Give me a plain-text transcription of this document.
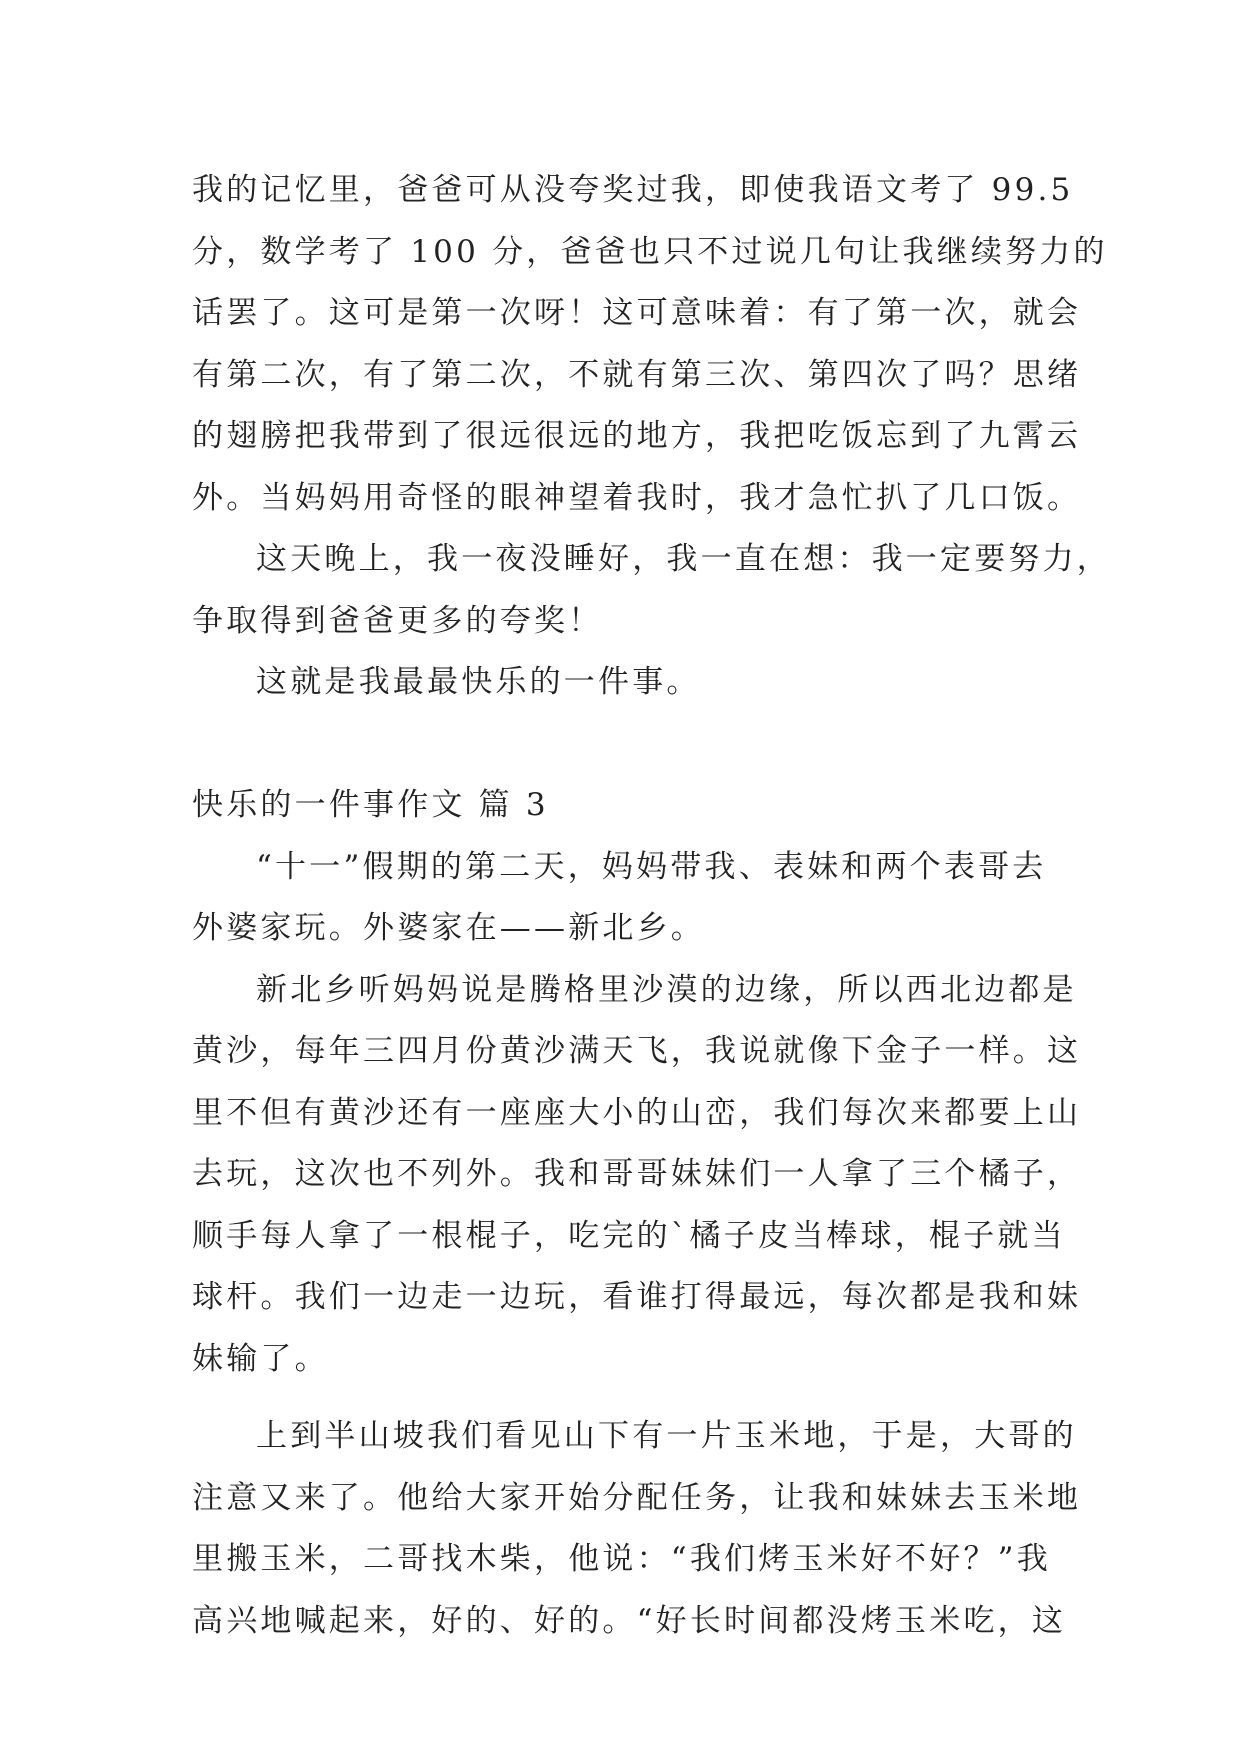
我的记忆里，爸爸可从没夸奖过我，即使我语文考了 99.5
分，数学考了 100 分，爸爸也只不过说几句让我继续努力的
话罢了。这可是第一次呀！这可意味着：有了第一次，就会
有第二次，有了第二次，不就有第三次、第四次了吗？思绪
的翅膀把我带到了很远很远的地方，我把吃饭忘到了九霄云
外。当妈妈用奇怪的眼神望着我时，我才急忙扒了几口饭。
这天晚上，我一夜没睡好，我一直在想：我一定要努力，
争取得到爸爸更多的夸奖！
这就是我最最快乐的一件事。
快乐的一件事作文 篇 3
“十一”假期的第二天，妈妈带我、表妹和两个表哥去
外婆家玩。外婆家在——新北乡。
新北乡听妈妈说是腾格里沙漠的边缘，所以西北边都是
黄沙，每年三四月份黄沙满天飞，我说就像下金子一样。这
里不但有黄沙还有一座座大小的山峦，我们每次来都要上山
去玩，这次也不列外。我和哥哥妹妹们一人拿了三个橘子，
顺手每人拿了一根棍子，吃完的`橘子皮当棒球，棍子就当
球杆。我们一边走一边玩，看谁打得最远，每次都是我和妹
妹输了。
上到半山坡我们看见山下有一片玉米地，于是，大哥的
注意又来了。他给大家开始分配任务，让我和妹妹去玉米地
里搬玉米，二哥找木柴，他说：“我们烤玉米好不好？”我
高兴地喊起来，好的、好的。“好长时间都没烤玉米吃，这
